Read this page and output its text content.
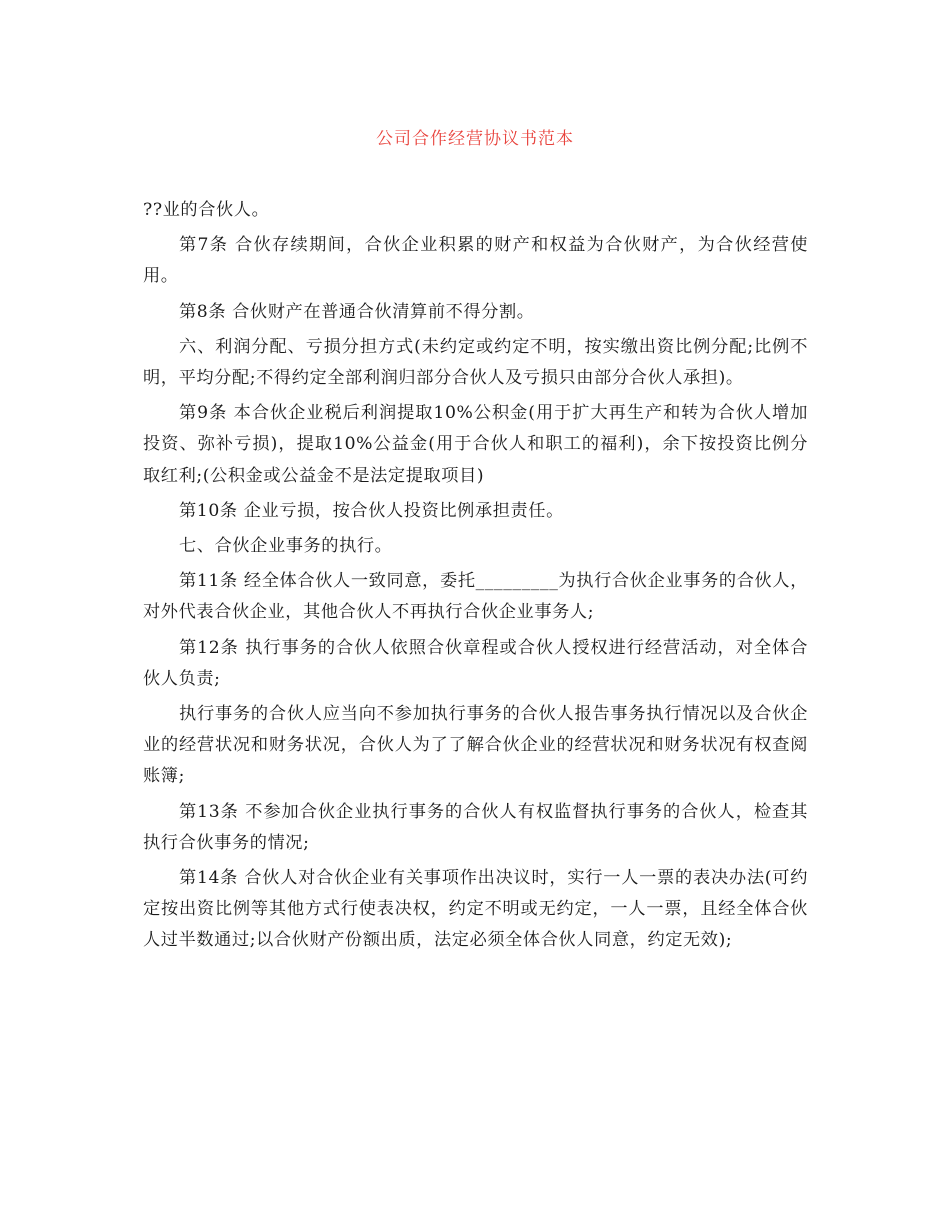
公司合作经营协议书范本

??业的合伙人。

第7条 合伙存续期间，合伙企业积累的财产和权益为合伙财产，为合伙经营使用。

第8条 合伙财产在普通合伙清算前不得分割。

六、利润分配、亏损分担方式(未约定或约定不明，按实缴出资比例分配;比例不明，平均分配;不得约定全部利润归部分合伙人及亏损只由部分合伙人承担)。

第9条 本合伙企业税后利润提取10%公积金(用于扩大再生产和转为合伙人增加投资、弥补亏损)，提取10%公益金(用于合伙人和职工的福利)，余下按投资比例分取红利;(公积金或公益金不是法定提取项目)

第10条 企业亏损，按合伙人投资比例承担责任。

七、合伙企业事务的执行。

第11条 经全体合伙人一致同意，委托_________为执行合伙企业事务的合伙人，对外代表合伙企业，其他合伙人不再执行合伙企业事务人;

第12条 执行事务的合伙人依照合伙章程或合伙人授权进行经营活动，对全体合伙人负责;

执行事务的合伙人应当向不参加执行事务的合伙人报告事务执行情况以及合伙企业的经营状况和财务状况，合伙人为了了解合伙企业的经营状况和财务状况有权查阅账簿;

第13条 不参加合伙企业执行事务的合伙人有权监督执行事务的合伙人，检查其执行合伙事务的情况;

第14条 合伙人对合伙企业有关事项作出决议时，实行一人一票的表决办法(可约定按出资比例等其他方式行使表决权，约定不明或无约定，一人一票，且经全体合伙人过半数通过;以合伙财产份额出质，法定必须全体合伙人同意，约定无效);
